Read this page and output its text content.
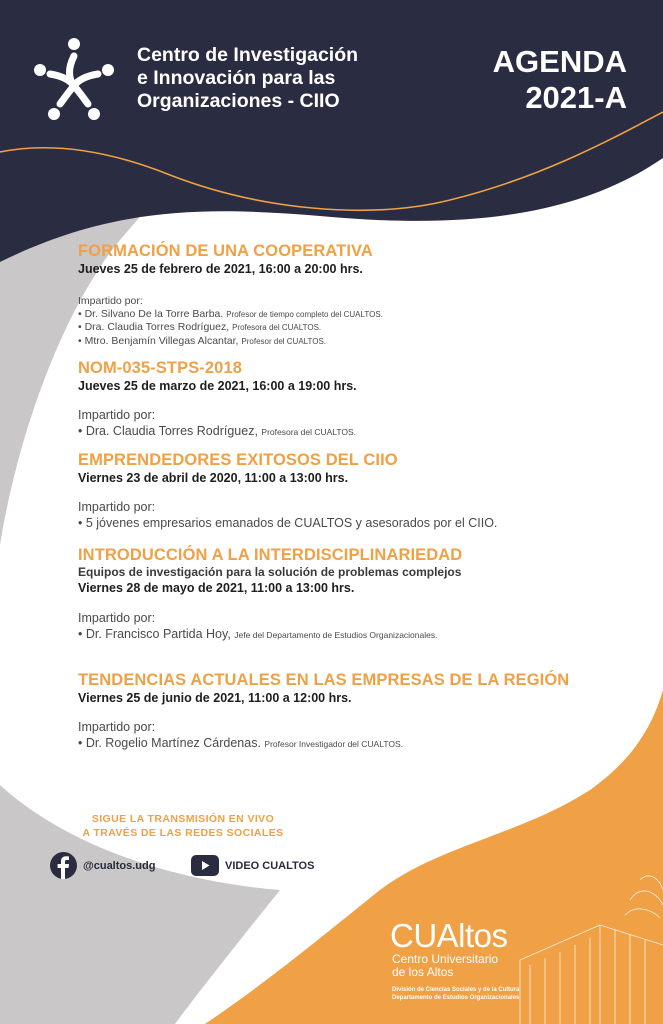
Centro de Investigación
e Innovación para las
Organizaciones - CIIO
AGENDA
2021-A
FORMACIÓN DE UNA COOPERATIVA
Jueves 25 de febrero de 2021, 16:00 a 20:00 hrs.
Impartido por:
• Dr. Silvano De la Torre Barba. Profesor de tiempo completo del CUALTOS.
• Dra. Claudia Torres Rodríguez, Profesora del CUALTOS.
• Mtro. Benjamín Villegas Alcantar, Profesor del CUALTOS.
NOM-035-STPS-2018
Jueves 25 de marzo de 2021, 16:00 a 19:00 hrs.
Impartido por:
• Dra. Claudia Torres Rodríguez, Profesora del CUALTOS.
EMPRENDEDORES EXITOSOS DEL CIIO
Viernes 23 de abril de 2020, 11:00 a 13:00 hrs.
Impartido por:
• 5 jóvenes empresarios emanados de CUALTOS y asesorados por el CIIO.
INTRODUCCIÓN A LA INTERDISCIPLINARIEDAD
Equipos de investigación para la solución de problemas complejos
Viernes 28 de mayo de 2021, 11:00 a 13:00 hrs.
Impartido por:
• Dr. Francisco Partida Hoy, Jefe del Departamento de Estudios Organizacionales.
TENDENCIAS ACTUALES EN LAS EMPRESAS DE LA REGIÓN
Viernes 25 de junio de 2021, 11:00 a 12:00 hrs.
Impartido por:
• Dr. Rogelio Martínez Cárdenas. Profesor Investigador del CUALTOS.
SIGUE LA TRANSMISIÓN EN VIVO
A TRAVÉS DE LAS REDES SOCIALES
@cualtos.udg	VIDEO CUALTOS
CUAltos
Centro Universitario
de los Altos
División de Ciencias Sociales y de la Cultura
Departamento de Estudios Organizacionales
